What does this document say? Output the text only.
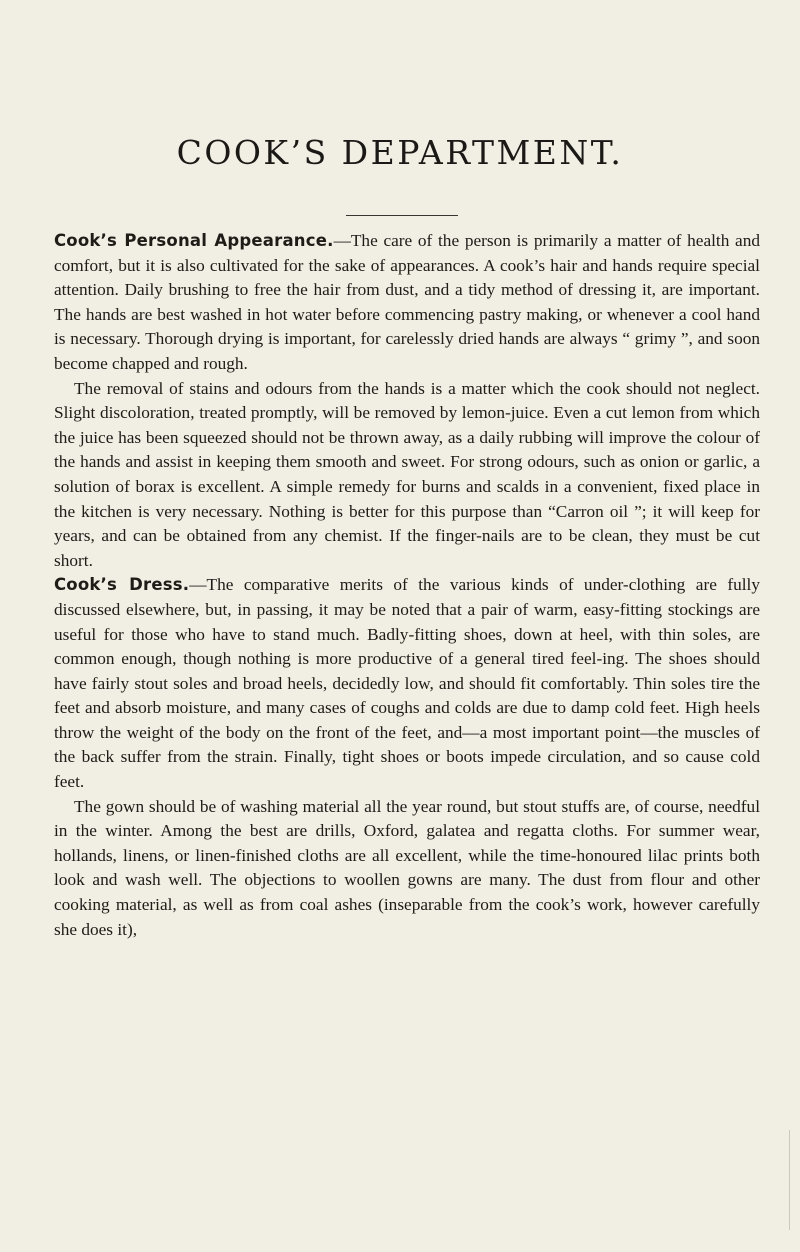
COOK’S DEPARTMENT.

Cook’s Personal Appearance.—The care of the person is primarily a matter of health and comfort, but it is also cultivated for the sake of appearances. A cook’s hair and hands require special attention. Daily brushing to free the hair from dust, and a tidy method of dressing it, are important. The hands are best washed in hot water before commencing pastry making, or whenever a cool hand is necessary. Thorough drying is important, for carelessly dried hands are always “ grimy ”, and soon become chapped and rough.

The removal of stains and odours from the hands is a matter which the cook should not neglect. Slight discoloration, treated promptly, will be removed by lemon-juice. Even a cut lemon from which the juice has been squeezed should not be thrown away, as a daily rubbing will improve the colour of the hands and assist in keeping them smooth and sweet. For strong odours, such as onion or garlic, a solution of borax is excellent. A simple remedy for burns and scalds in a convenient, fixed place in the kitchen is very necessary. Nothing is better for this purpose than “Carron oil ”; it will keep for years, and can be obtained from any chemist. If the finger-nails are to be clean, they must be cut short.

Cook’s Dress.—The comparative merits of the various kinds of under-clothing are fully discussed elsewhere, but, in passing, it may be noted that a pair of warm, easy-fitting stockings are useful for those who have to stand much. Badly-fitting shoes, down at heel, with thin soles, are common enough, though nothing is more productive of a general tired feel-ing. The shoes should have fairly stout soles and broad heels, decidedly low, and should fit comfortably. Thin soles tire the feet and absorb moisture, and many cases of coughs and colds are due to damp cold feet. High heels throw the weight of the body on the front of the feet, and—a most important point—the muscles of the back suffer from the strain. Finally, tight shoes or boots impede circulation, and so cause cold feet.

The gown should be of washing material all the year round, but stout stuffs are, of course, needful in the winter. Among the best are drills, Oxford, galatea and regatta cloths. For summer wear, hollands, linens, or linen-finished cloths are all excellent, while the time-honoured lilac prints both look and wash well. The objections to woollen gowns are many. The dust from flour and other cooking material, as well as from coal ashes (inseparable from the cook’s work, however carefully she does it),
